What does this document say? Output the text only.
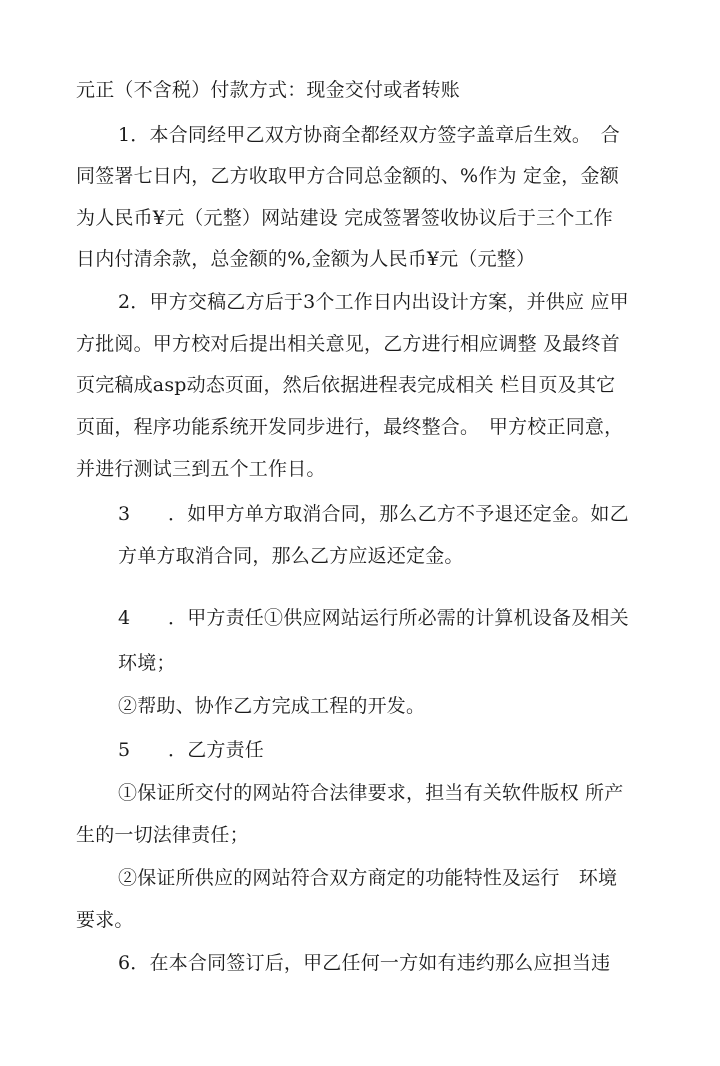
元正（不含税）付款方式：现金交付或者转账
1．本合同经甲乙双方协商全都经双方签字盖章后生效。　合
同签署七日内，乙方收取甲方合同总金额的、%作为 定金，金额
为人民币¥元（元整）网站建设 完成签署签收协议后于三个工作
日内付清余款，总金额的%,金额为人民币¥元（元整）
2．甲方交稿乙方后于3个工作日内出设计方案，并供应 应甲
方批阅。甲方校对后提出相关意见，乙方进行相应调整 及最终首
页完稿成asp动态页面，然后依据进程表完成相关 栏目页及其它
页面，程序功能系统开发同步进行，最终整合。　甲方校正同意，
并进行测试三到五个工作日。
3 ．如甲方单方取消合同，那么乙方不予退还定金。如乙
方单方取消合同，那么乙方应返还定金。
4 ．甲方责任①供应网站运行所必需的计算机设备及相关
环境；
②帮助、协作乙方完成工程的开发。
5 ．乙方责任
①保证所交付的网站符合法律要求，担当有关软件版权 所产
生的一切法律责任；
②保证所供应的网站符合双方商定的功能特性及运行　环境
要求。
6．在本合同签订后，甲乙任何一方如有违约那么应担当违
